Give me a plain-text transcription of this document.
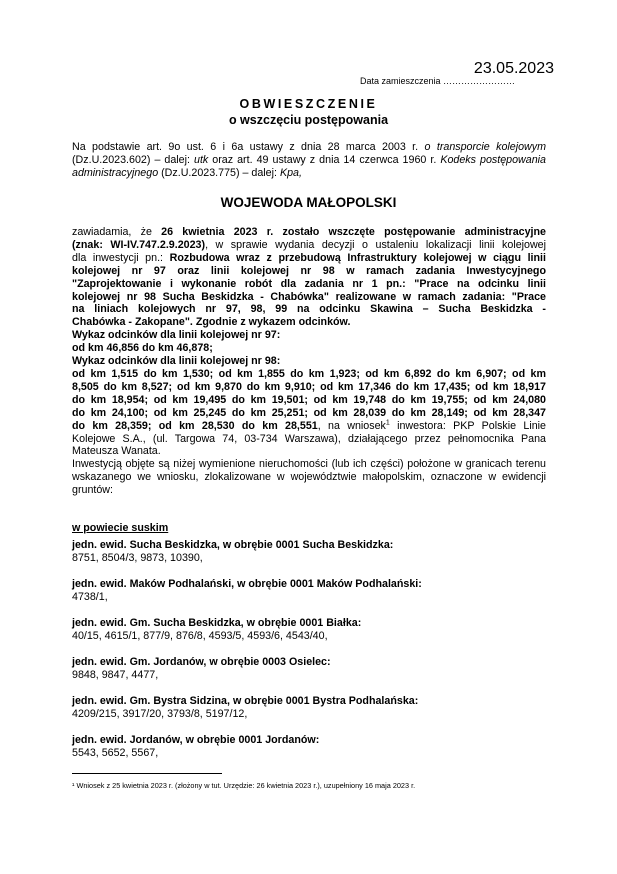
23.05.2023
Data zamieszczenia ……………………
OBWIESZCZENIE
o wszczęciu postępowania
Na podstawie art. 9o ust. 6 i 6a ustawy z dnia 28 marca 2003 r. o transporcie kolejowym (Dz.U.2023.602) – dalej: utk oraz art. 49 ustawy z dnia 14 czerwca 1960 r. Kodeks postępowania administracyjnego (Dz.U.2023.775) – dalej: Kpa,
WOJEWODA MAŁOPOLSKI
zawiadamia, że 26 kwietnia 2023 r. zostało wszczęte postępowanie administracyjne
(znak: WI-IV.747.2.9.2023), w sprawie wydania decyzji o ustaleniu lokalizacji linii kolejowej
dla inwestycji pn.: Rozbudowa wraz z przebudową Infrastruktury kolejowej w ciągu linii
kolejowej nr 97 oraz linii kolejowej nr 98 w ramach zadania Inwestycyjnego
"Zaprojektowanie i wykonanie robót dla zadania nr 1 pn.: "Prace na odcinku linii
kolejowej nr 98 Sucha Beskidzka - Chabówka" realizowane w ramach zadania: "Prace
na liniach kolejowych nr 97, 98, 99 na odcinku Skawina – Sucha Beskidzka -
Chabówka - Zakopane". Zgodnie z wykazem odcinków.
Wykaz odcinków dla linii kolejowej nr 97:
od km 46,856 do km 46,878;
Wykaz odcinków dla linii kolejowej nr 98:
od km 1,515 do km 1,530; od km 1,855 do km 1,923; od km 6,892 do km 6,907; od km
8,505 do km 8,527; od km 9,870 do km 9,910; od km 17,346 do km 17,435; od km 18,917
do km 18,954; od km 19,495 do km 19,501; od km 19,748 do km 19,755; od km 24,080
do km 24,100; od km 25,245 do km 25,251; od km 28,039 do km 28,149; od km 28,347
do km 28,359; od km 28,530 do km 28,551, na wniosek$^1$ inwestora: PKP Polskie Linie
Kolejowe S.A., (ul. Targowa 74, 03-734 Warszawa), działającego przez pełnomocnika Pana
Mateusza Wanata.
Inwestycją objęte są niżej wymienione nieruchomości (lub ich części) położone w granicach terenu wskazanego we wniosku, zlokalizowane w województwie małopolskim, oznaczone w ewidencji gruntów:
w powiecie suskim
jedn. ewid. Sucha Beskidzka, w obrębie 0001 Sucha Beskidzka:
8751, 8504/3, 9873, 10390,
jedn. ewid. Maków Podhalański, w obrębie 0001 Maków Podhalański:
4738/1,
jedn. ewid. Gm. Sucha Beskidzka, w obrębie 0001 Białka:
40/15, 4615/1, 877/9, 876/8, 4593/5, 4593/6, 4543/40,
jedn. ewid. Gm. Jordanów, w obrębie 0003 Osielec:
9848, 9847, 4477,
jedn. ewid. Gm. Bystra Sidzina, w obrębie 0001 Bystra Podhalańska:
4209/215, 3917/20, 3793/8, 5197/12,
jedn. ewid. Jordanów, w obrębie 0001 Jordanów:
5543, 5652, 5567,
¹ Wniosek z 25 kwietnia 2023 r. (złożony w tut. Urzędzie: 26 kwietnia 2023 r.), uzupełniony 16 maja 2023 r.
